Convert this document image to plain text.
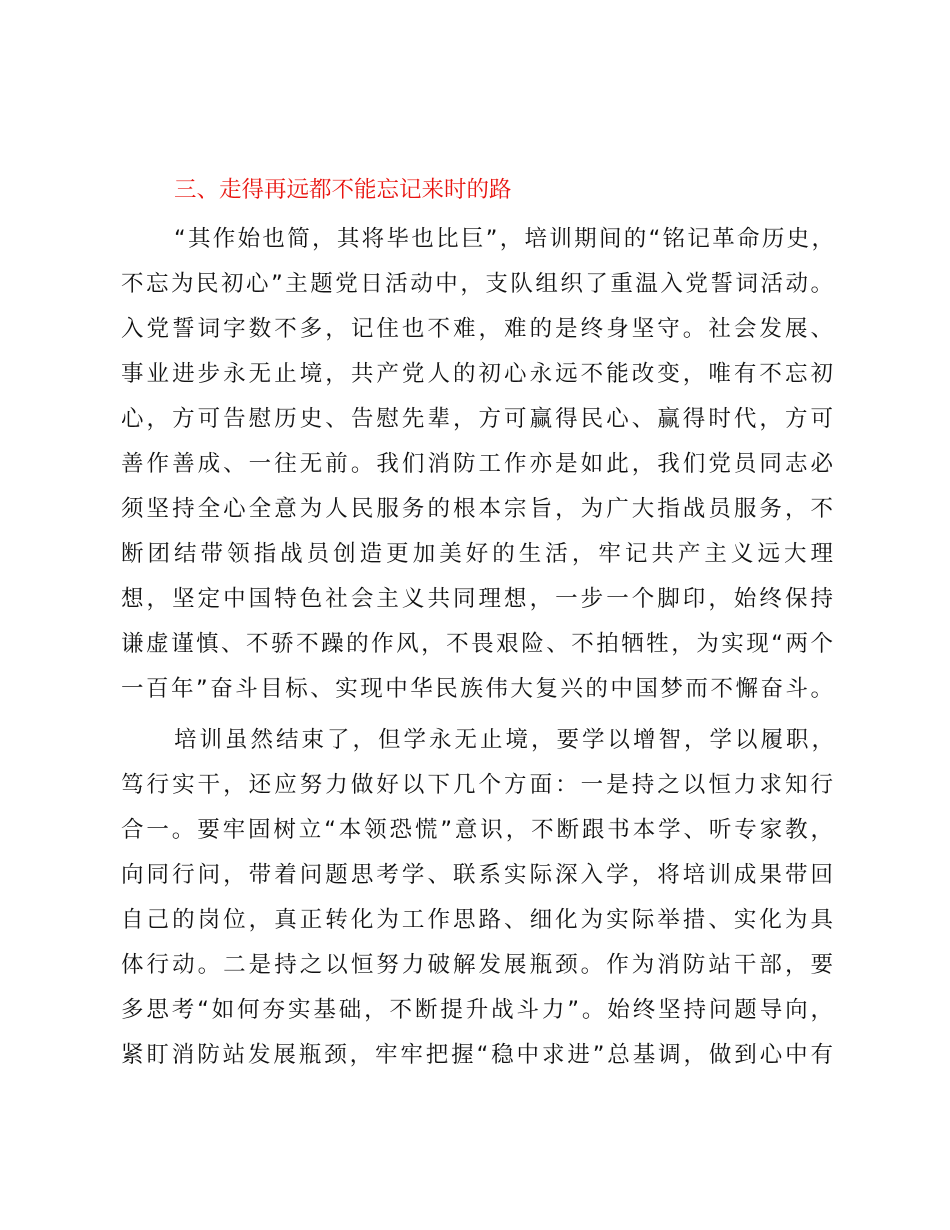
三、走得再远都不能忘记来时的路
“其作始也简，其将毕也比巨”，培训期间的“铭记革命历史，
不忘为民初心”主题党日活动中，支队组织了重温入党誓词活动。
入党誓词字数不多，记住也不难，难的是终身坚守。社会发展、
事业进步永无止境，共产党人的初心永远不能改变，唯有不忘初
心，方可告慰历史、告慰先辈，方可赢得民心、赢得时代，方可
善作善成、一往无前。我们消防工作亦是如此，我们党员同志必
须坚持全心全意为人民服务的根本宗旨，为广大指战员服务，不
断团结带领指战员创造更加美好的生活，牢记共产主义远大理
想，坚定中国特色社会主义共同理想，一步一个脚印，始终保持
谦虚谨慎、不骄不躁的作风，不畏艰险、不拍牺牲，为实现“两个
一百年”奋斗目标、实现中华民族伟大复兴的中国梦而不懈奋斗。
培训虽然结束了，但学永无止境，要学以增智，学以履职，
笃行实干，还应努力做好以下几个方面：一是持之以恒力求知行
合一。要牢固树立“本领恐慌”意识，不断跟书本学、听专家教，
向同行问，带着问题思考学、联系实际深入学，将培训成果带回
自己的岗位，真正转化为工作思路、细化为实际举措、实化为具
体行动。二是持之以恒努力破解发展瓶颈。作为消防站干部，要
多思考“如何夯实基础，不断提升战斗力”。始终坚持问题导向，
紧盯消防站发展瓶颈，牢牢把握“稳中求进”总基调，做到心中有
